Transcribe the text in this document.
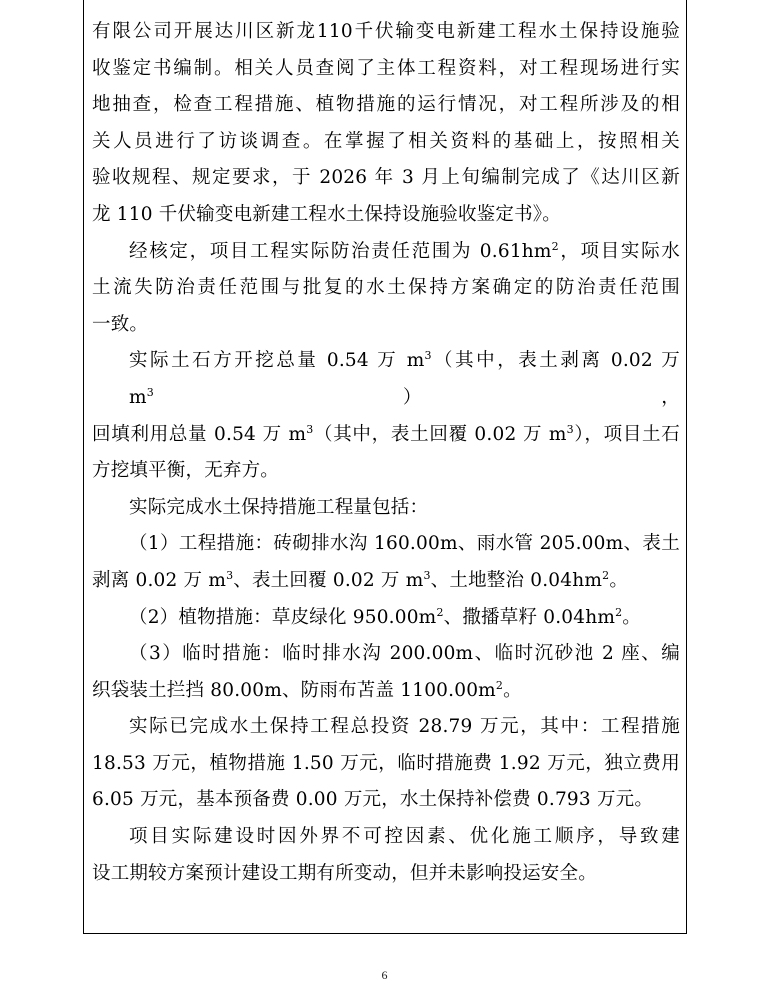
有限公司开展达川区新龙110千伏输变电新建工程水土保持设施验
收鉴定书编制。相关人员查阅了主体工程资料，对工程现场进行实
地抽查，检查工程措施、植物措施的运行情况，对工程所涉及的相
关人员进行了访谈调查。在掌握了相关资料的基础上，按照相关
验收规程、规定要求，于 2026 年 3 月上旬编制完成了《达川区新
龙 110 千伏输变电新建工程水土保持设施验收鉴定书》。

经核定，项目工程实际防治责任范围为 $0.61hm^2$，项目实际水
土流失防治责任范围与批复的水土保持方案确定的防治责任范围
一致。

实际土石方开挖总量 0.54 万 $m^3$（其中，表土剥离 0.02 万 $m^3$），
回填利用总量 0.54 万 $m^3$（其中，表土回覆 0.02 万 $m^3$），项目土石
方挖填平衡，无弃方。

实际完成水土保持措施工程量包括：

（1）工程措施：砖砌排水沟 160.00m、雨水管 205.00m、表土
剥离 0.02 万 $m^3$、表土回覆 0.02 万 $m^3$、土地整治 $0.04hm^2$。

（2）植物措施：草皮绿化 $950.00m^2$、撒播草籽 $0.04hm^2$。

（3）临时措施：临时排水沟 200.00m、临时沉砂池 2 座、编
织袋装土拦挡 80.00m、防雨布苫盖 $1100.00m^2$。

实际已完成水土保持工程总投资 28.79 万元，其中：工程措施
18.53 万元，植物措施 1.50 万元，临时措施费 1.92 万元，独立费用
6.05 万元，基本预备费 0.00 万元，水土保持补偿费 0.793 万元。

项目实际建设时因外界不可控因素、优化施工顺序，导致建
设工期较方案预计建设工期有所变动，但并未影响投运安全。

6
